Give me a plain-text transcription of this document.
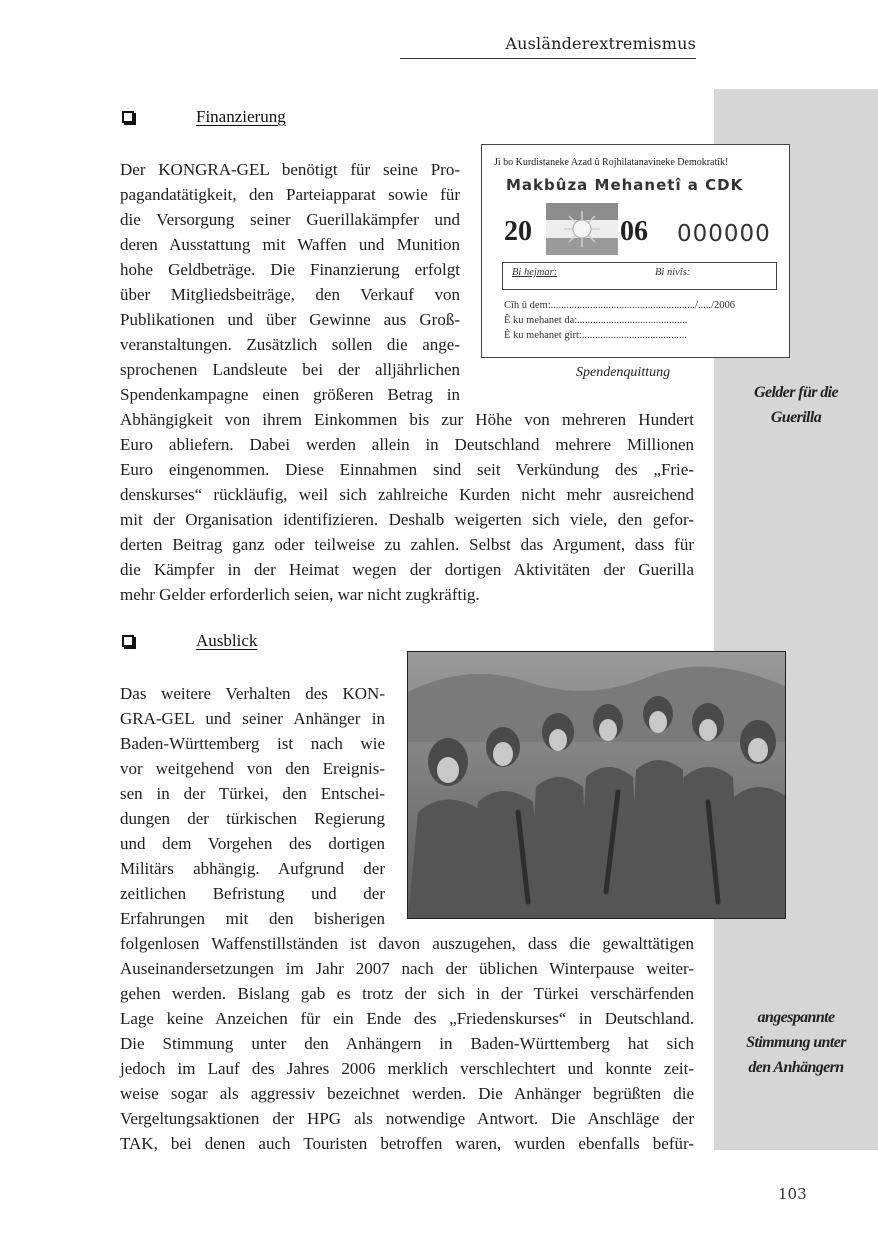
Ausländerextremismus
Gelder für die
Guerilla
angespannte
Stimmung unter
den Anhängern
Finanzierung
Der KONGRA-GEL benötigt für seine Pro-
pagandatätigkeit, den Parteiapparat sowie für
die Versorgung seiner Guerillakämpfer und
deren Ausstattung mit Waffen und Munition
hohe Geldbeträge. Die Finanzierung erfolgt
über Mitgliedsbeiträge, den Verkauf von
Publikationen und über Gewinne aus Groß-
veranstaltungen. Zusätzlich sollen die ange-
sprochenen Landsleute bei der alljährlichen
Spendenkampagne einen größeren Betrag in
Abhängigkeit von ihrem Einkommen bis zur Höhe von mehreren Hundert
Euro abliefern. Dabei werden allein in Deutschland mehrere Millionen
Euro eingenommen. Diese Einnahmen sind seit Verkündung des „Frie-
denskurses“ rückläufig, weil sich zahlreiche Kurden nicht mehr ausreichend
mit der Organisation identifizieren. Deshalb weigerten sich viele, den gefor-
derten Beitrag ganz oder teilweise zu zahlen. Selbst das Argument, dass für
die Kämpfer in der Heimat wegen der dortigen Aktivitäten der Guerilla
mehr Gelder erforderlich seien, war nicht zugkräftig.
Ji bo Kurdistaneke Azad û Rojhilatanavineke Demokratîk!
Makbûza Mehanetî a CDK
20	06 000000
Bi hejmar:	Bi nivîs:
Cîh û dem:......................................................./...../2006
Ê ku mehanet da:..........................................
Ê ku mehanet girt:........................................
Spendenquittung
Ausblick
Das weitere Verhalten des KON-
GRA-GEL und seiner Anhänger in
Baden-Württemberg ist nach wie
vor weitgehend von den Ereignis-
sen in der Türkei, den Entschei-
dungen der türkischen Regierung
und dem Vorgehen des dortigen
Militärs abhängig. Aufgrund der
zeitlichen Befristung und der
Erfahrungen mit den bisherigen
folgenlosen Waffenstillständen ist davon auszugehen, dass die gewalttätigen
Auseinandersetzungen im Jahr 2007 nach der üblichen Winterpause weiter-
gehen werden. Bislang gab es trotz der sich in der Türkei verschärfenden
Lage keine Anzeichen für ein Ende des „Friedenskurses“ in Deutschland.
Die Stimmung unter den Anhängern in Baden-Württemberg hat sich
jedoch im Lauf des Jahres 2006 merklich verschlechtert und konnte zeit-
weise sogar als aggressiv bezeichnet werden. Die Anhänger begrüßten die
Vergeltungsaktionen der HPG als notwendige Antwort. Die Anschläge der
TAK, bei denen auch Touristen betroffen waren, wurden ebenfalls befür-
103
